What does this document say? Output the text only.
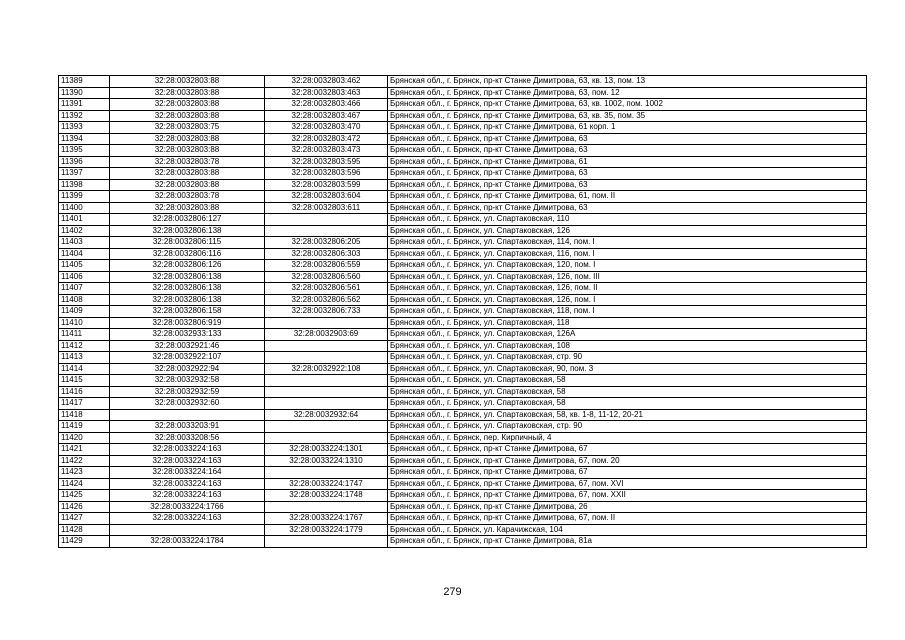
11389	32:28:0032803:88	32:28:0032803:462	Брянская обл., г. Брянск, пр-кт Станке Димитрова, 63, кв. 13, пом. 13
11390	32:28:0032803:88	32:28:0032803:463	Брянская обл., г. Брянск, пр-кт Станке Димитрова, 63, пом. 12
11391	32:28:0032803:88	32:28:0032803:466	Брянская обл., г. Брянск, пр-кт Станке Димитрова, 63, кв. 1002, пом. 1002
11392	32:28:0032803:88	32:28:0032803:467	Брянская обл., г. Брянск, пр-кт Станке Димитрова, 63, кв. 35, пом. 35
11393	32:28:0032803:75	32:28:0032803:470	Брянская обл., г. Брянск, пр-кт Станке Димитрова, 61 корп. 1
11394	32:28:0032803:88	32:28:0032803:472	Брянская обл., г. Брянск, пр-кт Станке Димитрова, 63
11395	32:28:0032803:88	32:28:0032803:473	Брянская обл., г. Брянск, пр-кт Станке Димитрова, 63
11396	32:28:0032803:78	32:28:0032803:595	Брянская обл., г. Брянск, пр-кт Станке Димитрова, 61
11397	32:28:0032803:88	32:28:0032803:596	Брянская обл., г. Брянск, пр-кт Станке Димитрова, 63
11398	32:28:0032803:88	32:28:0032803:599	Брянская обл., г. Брянск, пр-кт Станке Димитрова, 63
11399	32:28:0032803:78	32:28:0032803:604	Брянская обл., г. Брянск, пр-кт Станке Димитрова, 61, пом. II
11400	32:28:0032803:88	32:28:0032803:611	Брянская обл., г. Брянск, пр-кт Станке Димитрова, 63
11401	32:28:0032806:127		Брянская обл., г. Брянск, ул. Спартаковская, 110
11402	32:28:0032806:138		Брянская обл., г. Брянск, ул. Спартаковская, 126
11403	32:28:0032806:115	32:28:0032806:205	Брянская обл., г. Брянск, ул. Спартаковская, 114, пом. I
11404	32:28:0032806:116	32:28:0032806:303	Брянская обл., г. Брянск, ул. Спартаковская, 116, пом. I
11405	32:28:0032806:126	32:28:0032806:559	Брянская обл., г. Брянск, ул. Спартаковская, 120, пом. I
11406	32:28:0032806:138	32:28:0032806:560	Брянская обл., г. Брянск, ул. Спартаковская, 126, пом. III
11407	32:28:0032806:138	32:28:0032806:561	Брянская обл., г. Брянск, ул. Спартаковская, 126, пом. II
11408	32:28:0032806:138	32:28:0032806:562	Брянская обл., г. Брянск, ул. Спартаковская, 126, пом. I
11409	32:28:0032806:158	32:28:0032806:733	Брянская обл., г. Брянск, ул. Спартаковская, 118, пом. I
11410	32:28:0032806:919		Брянская обл., г. Брянск, ул. Спартаковская, 118
11411	32:28:0032933:133	32:28:0032903:69	Брянская обл., г. Брянск, ул. Спартаковская, 126А
11412	32:28:0032921:46		Брянская обл., г. Брянск, ул. Спартаковская, 108
11413	32:28:0032922:107		Брянская обл., г. Брянск, ул. Спартаковская, стр. 90
11414	32:28:0032922:94	32:28:0032922:108	Брянская обл., г. Брянск, ул. Спартаковская, 90, пом. 3
11415	32:28:0032932:58		Брянская обл., г. Брянск, ул. Спартаковская, 58
11416	32:28:0032932:59		Брянская обл., г. Брянск, ул. Спартаковская, 58
11417	32:28:0032932:60		Брянская обл., г. Брянск, ул. Спартаковская, 58
11418		32:28:0032932:64	Брянская обл., г. Брянск, ул. Спартаковская, 58, кв. 1-8, 11-12, 20-21
11419	32:28:0033203:91		Брянская обл., г. Брянск, ул. Спартаковская, стр. 90
11420	32:28:0033208:56		Брянская обл., г. Брянск, пер. Кирпичный, 4
11421	32:28:0033224:163	32:28:0033224:1301	Брянская обл., г. Брянск, пр-кт Станке Димитрова, 67
11422	32:28:0033224:163	32:28:0033224:1310	Брянская обл., г. Брянск, пр-кт Станке Димитрова, 67, пом. 20
11423	32:28:0033224:164		Брянская обл., г. Брянск, пр-кт Станке Димитрова, 67
11424	32:28:0033224:163	32:28:0033224:1747	Брянская обл., г. Брянск, пр-кт Станке Димитрова, 67, пом. XVI
11425	32:28:0033224:163	32:28:0033224:1748	Брянская обл., г. Брянск, пр-кт Станке Димитрова, 67, пом. XXII
11426	32:28:0033224:1766		Брянская обл., г. Брянск, пр-кт Станке Димитрова, 26
11427	32:28:0033224:163	32:28:0033224:1767	Брянская обл., г. Брянск, пр-кт Станке Димитрова, 67, пом. II
11428		32:28:0033224:1779	Брянская обл., г. Брянск, ул. Карачижская, 104
11429	32:28:0033224:1784		Брянская обл., г. Брянск, пр-кт Станке Димитрова, 81а
279
